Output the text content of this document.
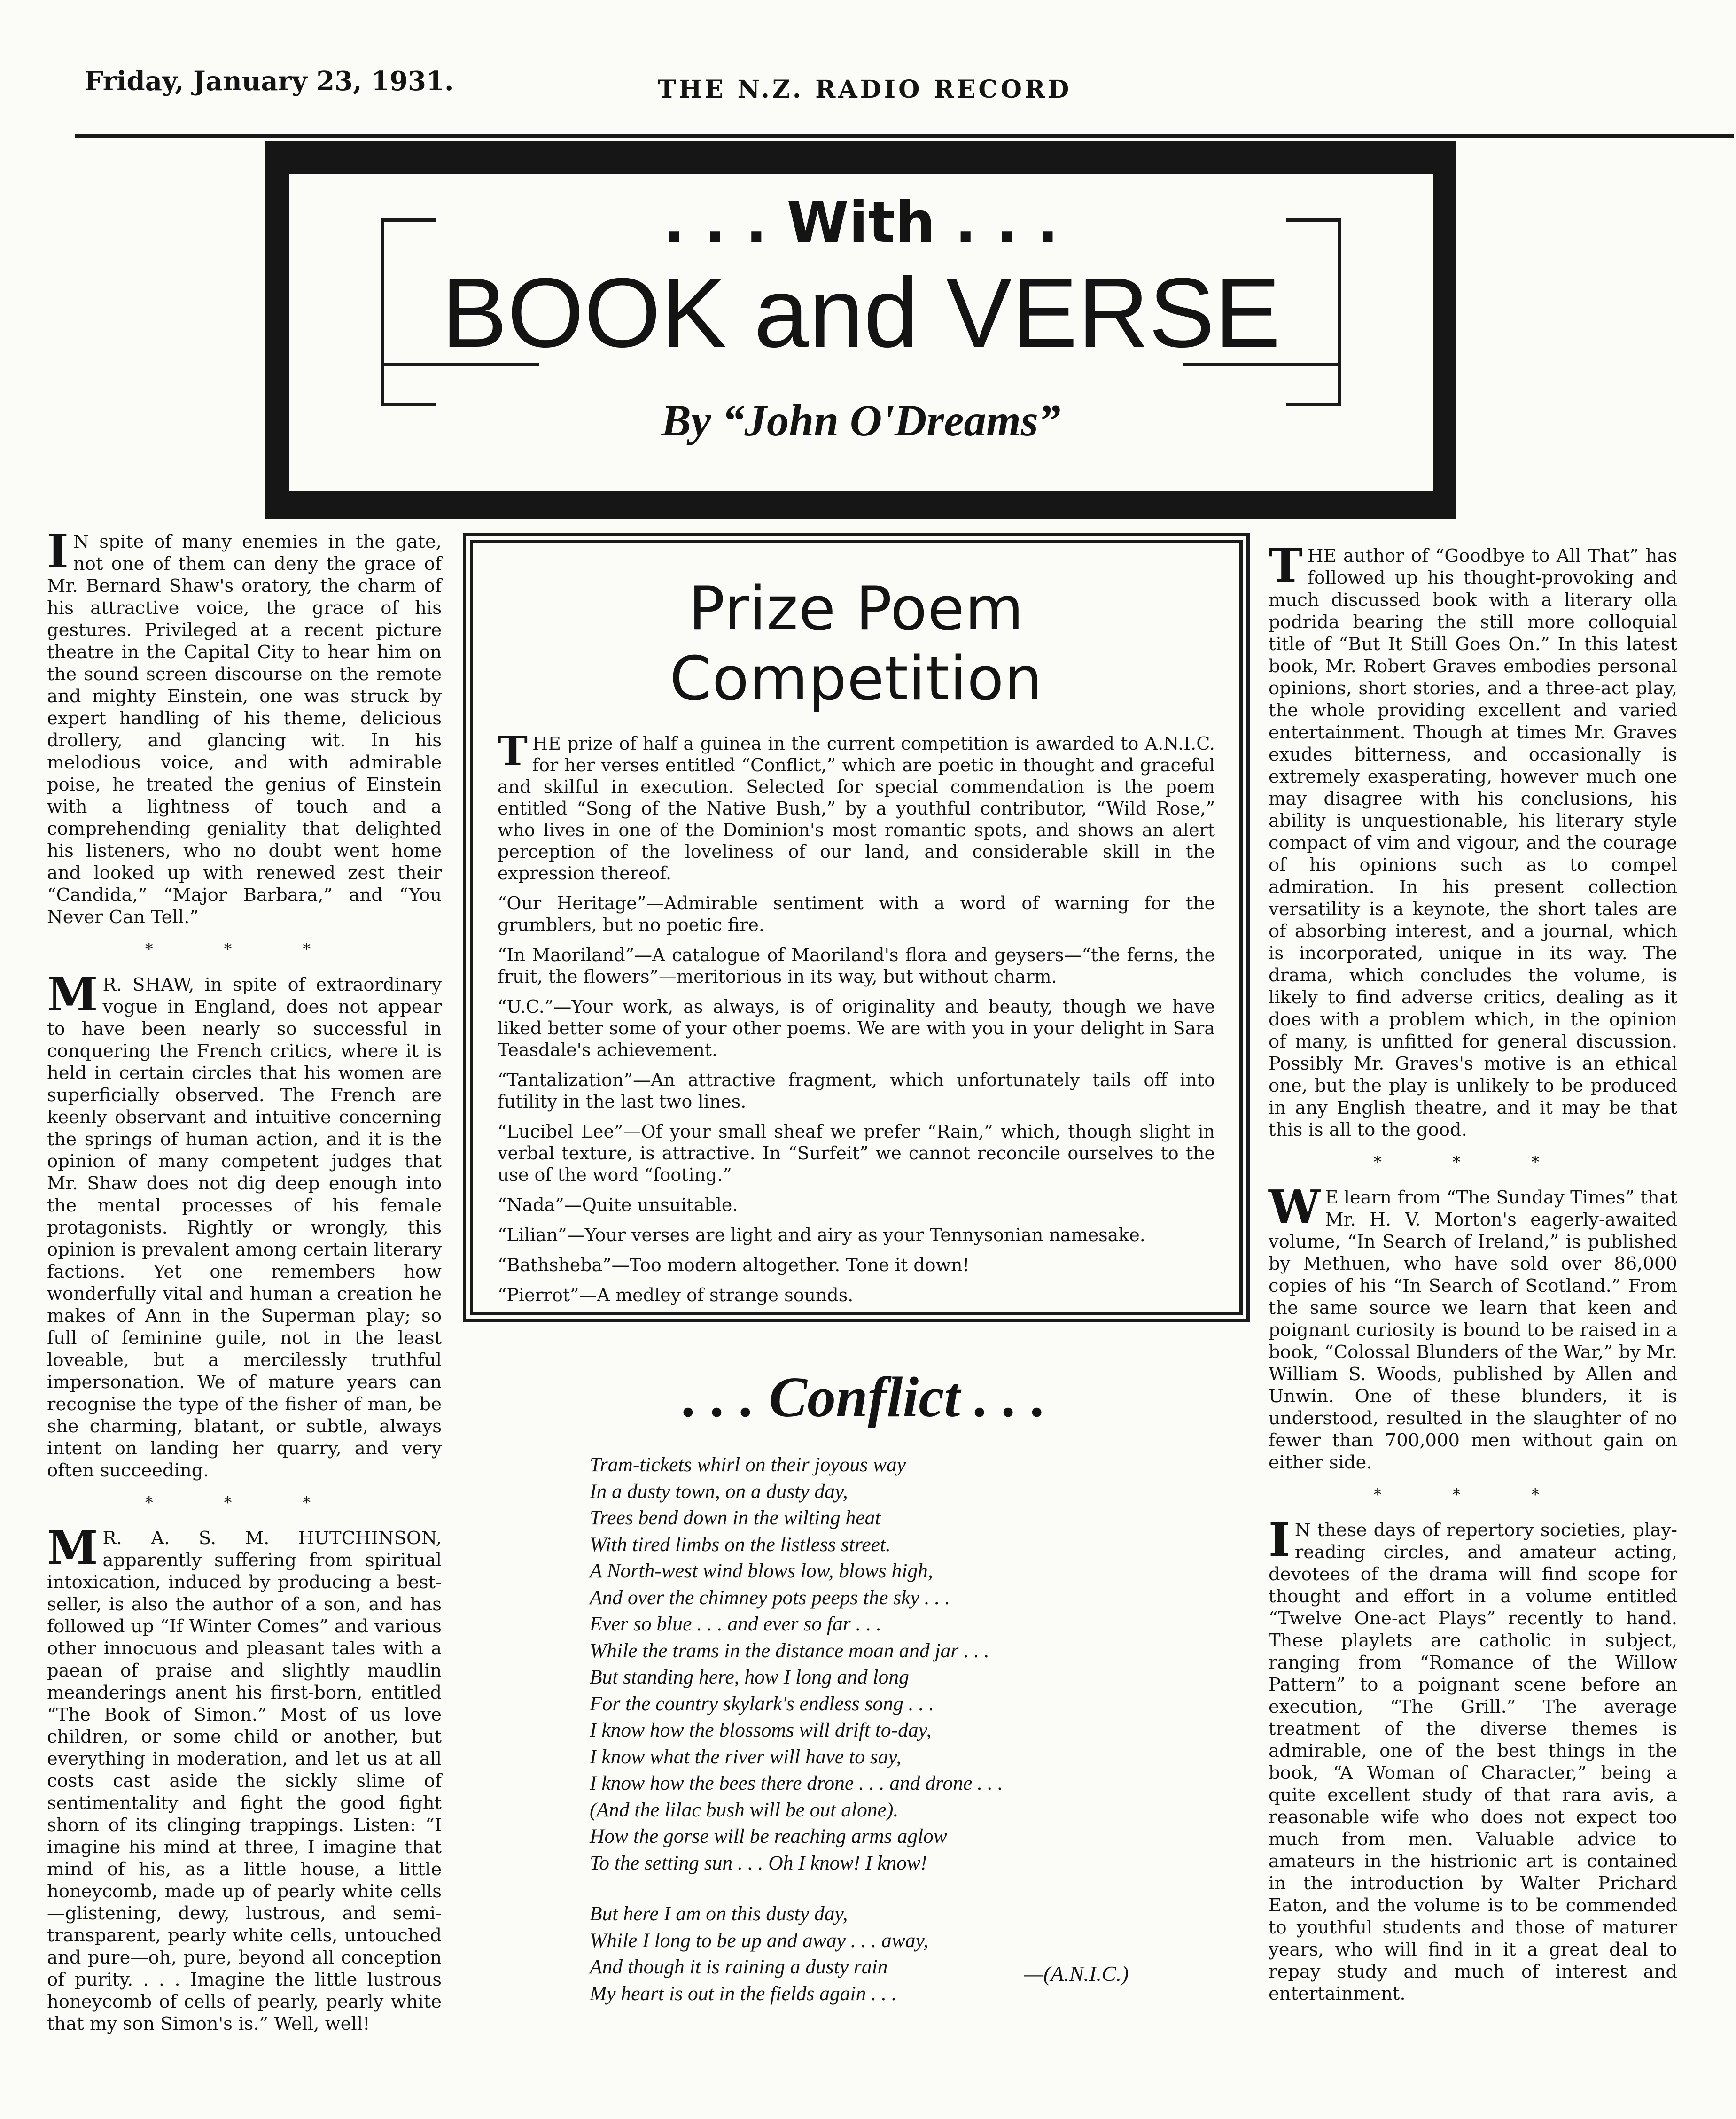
Friday, January 23, 1931.	THE N.Z. RADIO RECORD
. . . With . . .
BOOK and VERSE
By “John O'Dreams”

I N spite of many enemies in the gate, not one of them can deny the grace of Mr. Bernard Shaw's oratory, the charm of his attractive voice, the grace of his gestures. Privileged at a recent picture theatre in the Capital City to hear him on the sound screen discourse on the remote and mighty Einstein, one was struck by expert handling of his theme, delicious drollery, and glancing wit. In his melodious voice, and with admirable poise, he treated the genius of Einstein with a lightness of touch and a comprehending geniality that delighted his listeners, who no doubt went home and looked up with renewed zest their “Candida,” “Major Barbara,” and “You Never Can Tell.”

* * *

M R. SHAW, in spite of extraordinary vogue in England, does not appear to have been nearly so successful in conquering the French critics, where it is held in certain circles that his women are superficially observed. The French are keenly observant and intuitive concerning the springs of human action, and it is the opinion of many competent judges that Mr. Shaw does not dig deep enough into the mental processes of his female protagonists. Rightly or wrongly, this opinion is prevalent among certain literary factions. Yet one remembers how wonderfully vital and human a creation he makes of Ann in the Superman play; so full of feminine guile, not in the least loveable, but a mercilessly truthful impersonation. We of mature years can recognise the type of the fisher of man, be she charming, blatant, or subtle, always intent on landing her quarry, and very often succeeding.

* * *

M R. A. S. M. HUTCHINSON, apparently suffering from spiritual intoxication, induced by producing a best-seller, is also the author of a son, and has followed up “If Winter Comes” and various other innocuous and pleasant tales with a paean of praise and slightly maudlin meanderings anent his first-born, entitled “The Book of Simon.” Most of us love children, or some child or another, but everything in moderation, and let us at all costs cast aside the sickly slime of sentimentality and fight the good fight shorn of its clinging trappings. Listen: “I imagine his mind at three, I imagine that mind of his, as a little house, a little honeycomb, made up of pearly white cells—glistening, dewy, lustrous, and semi-transparent, pearly white cells, untouched and pure—oh, pure, beyond all conception of purity. . . . Imagine the little lustrous honeycomb of cells of pearly, pearly white that my son Simon's is.” Well, well!

Prize Poem Competition

THE prize of half a guinea in the current competition is awarded to A.N.I.C. for her verses entitled “Conflict,” which are poetic in thought and graceful and skilful in execution. Selected for special commendation is the poem entitled “Song of the Native Bush,” by a youthful contributor, “Wild Rose,” who lives in one of the Dominion's most romantic spots, and shows an alert perception of the loveliness of our land, and considerable skill in the expression thereof.

“Our Heritage”—Admirable sentiment with a word of warning for the grumblers, but no poetic fire.

“In Maoriland”—A catalogue of Maoriland's flora and geysers—“the ferns, the fruit, the flowers”—meritorious in its way, but without charm.

“U.C.”—Your work, as always, is of originality and beauty, though we have liked better some of your other poems. We are with you in your delight in Sara Teasdale's achievement.

“Tantalization”—An attractive fragment, which unfortunately tails off into futility in the last two lines.

“Lucibel Lee”—Of your small sheaf we prefer “Rain,” which, though slight in verbal texture, is attractive. In “Surfeit” we cannot reconcile ourselves to the use of the word “footing.”

“Nada”—Quite unsuitable.

“Lilian”—Your verses are light and airy as your Tennysonian namesake.

“Bathsheba”—Too modern altogether. Tone it down!

“Pierrot”—A medley of strange sounds.

. . . Conflict . . .
Tram-tickets whirl on their joyous way
In a dusty town, on a dusty day,
Trees bend down in the wilting heat
With tired limbs on the listless street.
A North-west wind blows low, blows high,
And over the chimney pots peeps the sky . . .
Ever so blue . . . and ever so far . . .
While the trams in the distance moan and jar . . .
But standing here, how I long and long
For the country skylark's endless song . . .
I know how the blossoms will drift to-day,
I know what the river will have to say,
I know how the bees there drone . . . and drone . . .
(And the lilac bush will be out alone).
How the gorse will be reaching arms aglow
To the setting sun . . . Oh I know! I know!
But here I am on this dusty day,
While I long to be up and away . . . away,
And though it is raining a dusty rain
My heart is out in the fields again . . .
—(A.N.I.C.)

THE author of “Goodbye to All That” has followed up his thought-provoking and much discussed book with a literary olla podrida bearing the still more colloquial title of “But It Still Goes On.” In this latest book, Mr. Robert Graves embodies personal opinions, short stories, and a three-act play, the whole providing excellent and varied entertainment. Though at times Mr. Graves exudes bitterness, and occasionally is extremely exasperating, however much one may disagree with his conclusions, his ability is unquestionable, his literary style compact of vim and vigour, and the courage of his opinions such as to compel admiration. In his present collection versatility is a keynote, the short tales are of absorbing interest, and a journal, which is incorporated, unique in its way. The drama, which concludes the volume, is likely to find adverse critics, dealing as it does with a problem which, in the opinion of many, is unfitted for general discussion. Possibly Mr. Graves's motive is an ethical one, but the play is unlikely to be produced in any English theatre, and it may be that this is all to the good.

* * *

W E learn from “The Sunday Times” that Mr. H. V. Morton's eagerly-awaited volume, “In Search of Ireland,” is published by Methuen, who have sold over 86,000 copies of his “In Search of Scotland.” From the same source we learn that keen and poignant curiosity is bound to be raised in a book, “Colossal Blunders of the War,” by Mr. William S. Woods, published by Allen and Unwin. One of these blunders, it is understood, resulted in the slaughter of no fewer than 700,000 men without gain on either side.

* * *

I N these days of repertory societies, play-reading circles, and amateur acting, devotees of the drama will find scope for thought and effort in a volume entitled “Twelve One-act Plays” recently to hand. These playlets are catholic in subject, ranging from “Romance of the Willow Pattern” to a poignant scene before an execution, “The Grill.” The average treatment of the diverse themes is admirable, one of the best things in the book, “A Woman of Character,” being a quite excellent study of that rara avis, a reasonable wife who does not expect too much from men. Valuable advice to amateurs in the histrionic art is contained in the introduction by Walter Prichard Eaton, and the volume is to be commended to youthful students and those of maturer years, who will find in it a great deal to repay study and much of interest and entertainment.
